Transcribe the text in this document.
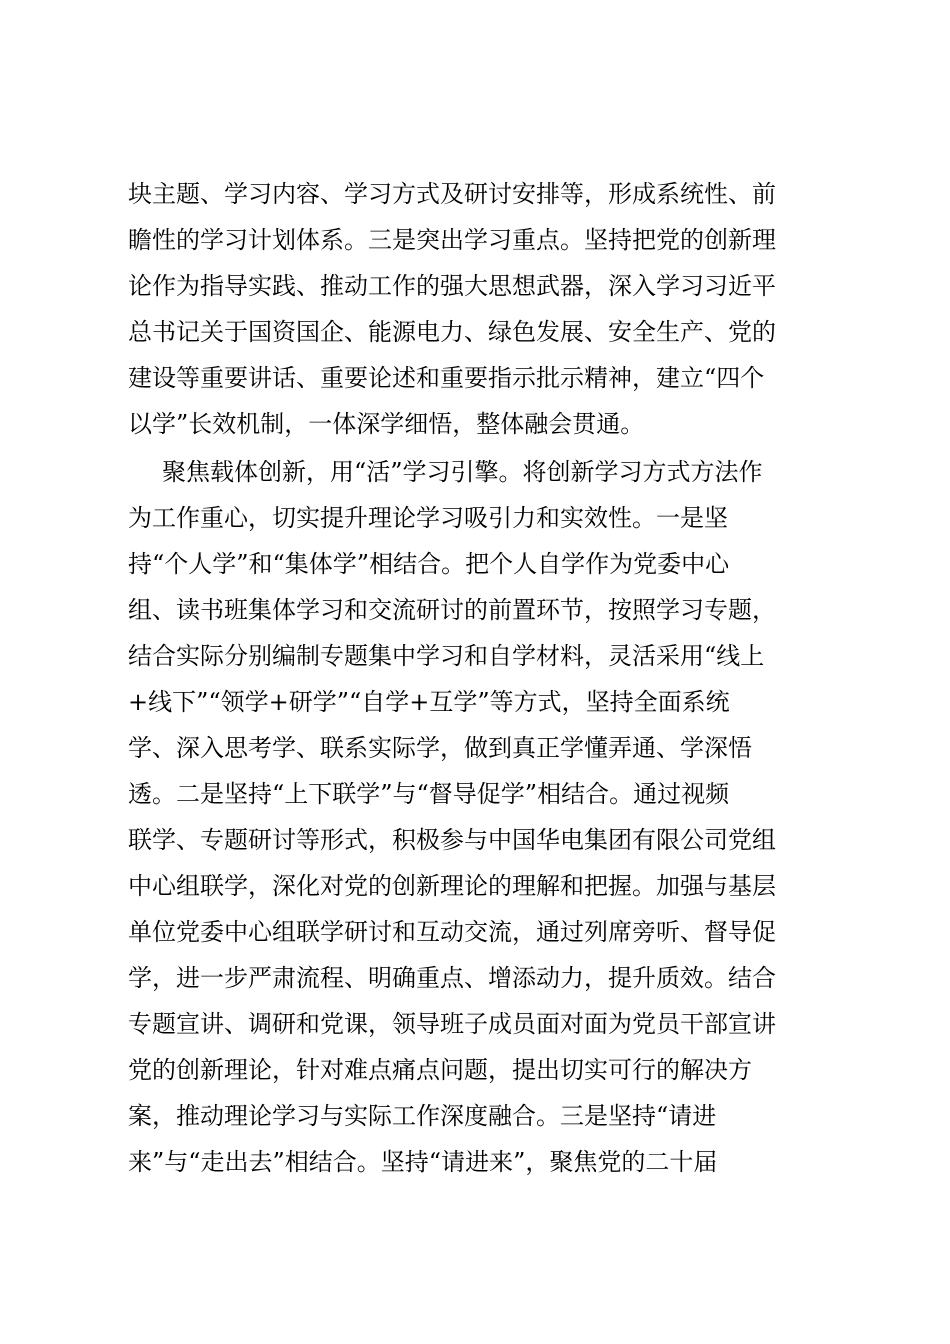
块主题、学习内容、学习方式及研讨安排等，形成系统性、前
瞻性的学习计划体系。三是突出学习重点。坚持把党的创新理
论作为指导实践、推动工作的强大思想武器，深入学习习近平
总书记关于国资国企、能源电力、绿色发展、安全生产、党的
建设等重要讲话、重要论述和重要指示批示精神，建立“四个
以学”长效机制，一体深学细悟，整体融会贯通。
聚焦载体创新，用“活”学习引擎。将创新学习方式方法作
为工作重心，切实提升理论学习吸引力和实效性。一是坚
持“个人学”和“集体学”相结合。把个人自学作为党委中心
组、读书班集体学习和交流研讨的前置环节，按照学习专题，
结合实际分别编制专题集中学习和自学材料，灵活采用“线上
+线下”“领学+研学”“自学+互学”等方式，坚持全面系统
学、深入思考学、联系实际学，做到真正学懂弄通、学深悟
透。二是坚持“上下联学”与“督导促学”相结合。通过视频
联学、专题研讨等形式，积极参与中国华电集团有限公司党组
中心组联学，深化对党的创新理论的理解和把握。加强与基层
单位党委中心组联学研讨和互动交流，通过列席旁听、督导促
学，进一步严肃流程、明确重点、增添动力，提升质效。结合
专题宣讲、调研和党课，领导班子成员面对面为党员干部宣讲
党的创新理论，针对难点痛点问题，提出切实可行的解决方
案，推动理论学习与实际工作深度融合。三是坚持“请进
来”与“走出去”相结合。坚持“请进来”，聚焦党的二十届
